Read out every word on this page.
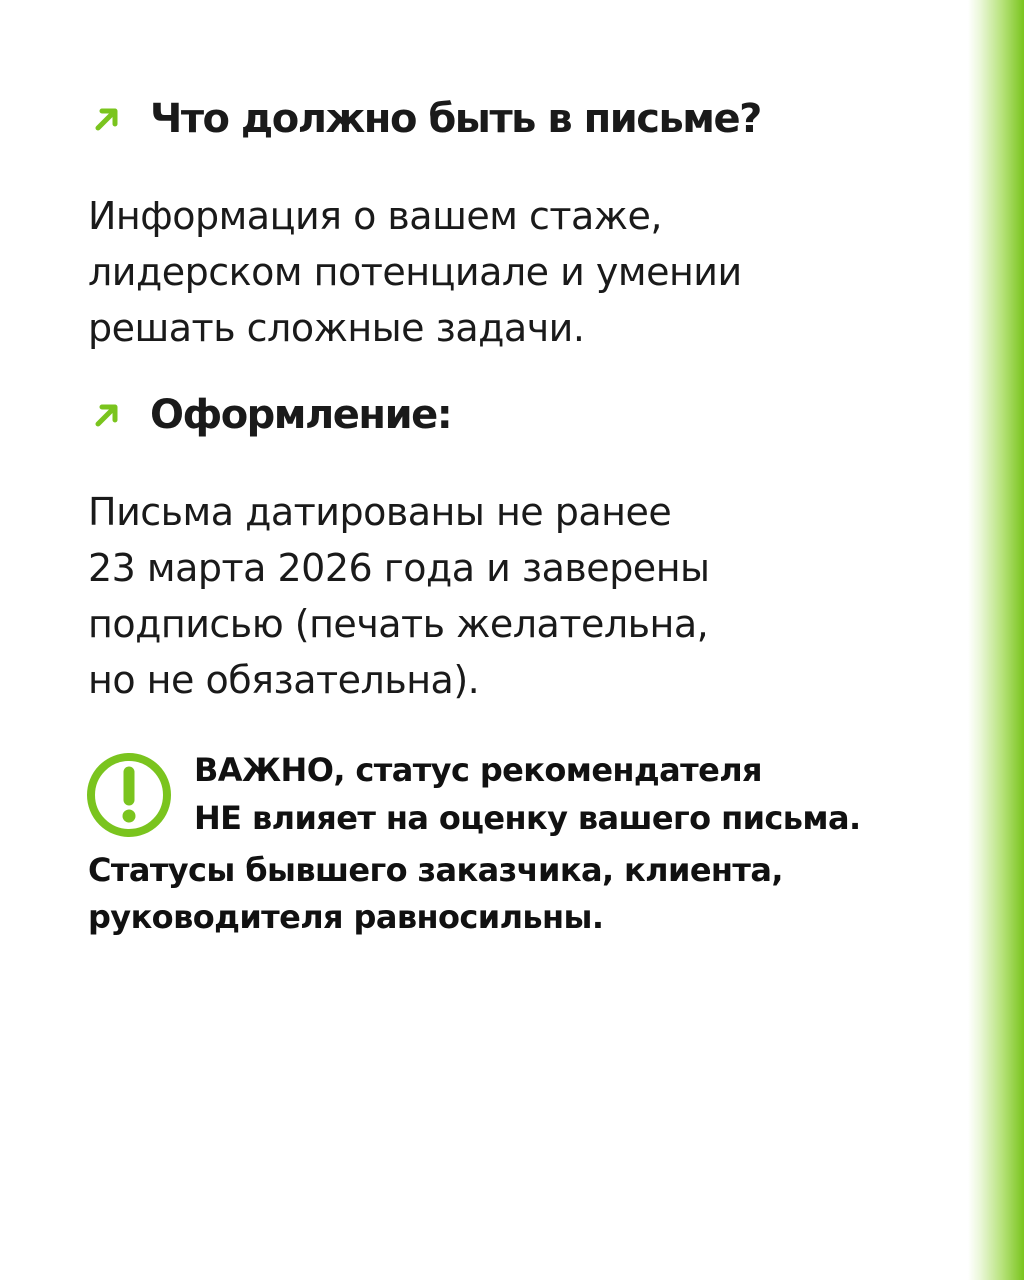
Что должно быть в письме?

Информация о вашем стаже,
лидерском потенциале и умении
решать сложные задачи.

Оформление:

Письма датированы не ранее
23 марта 2026 года и заверены
подписью (печать желательна,
но не обязательна).

ВАЖНО, статус рекомендателя
НЕ влияет на оценку вашего письма.
Статусы бывшего заказчика, клиента,
руководителя равносильны.
